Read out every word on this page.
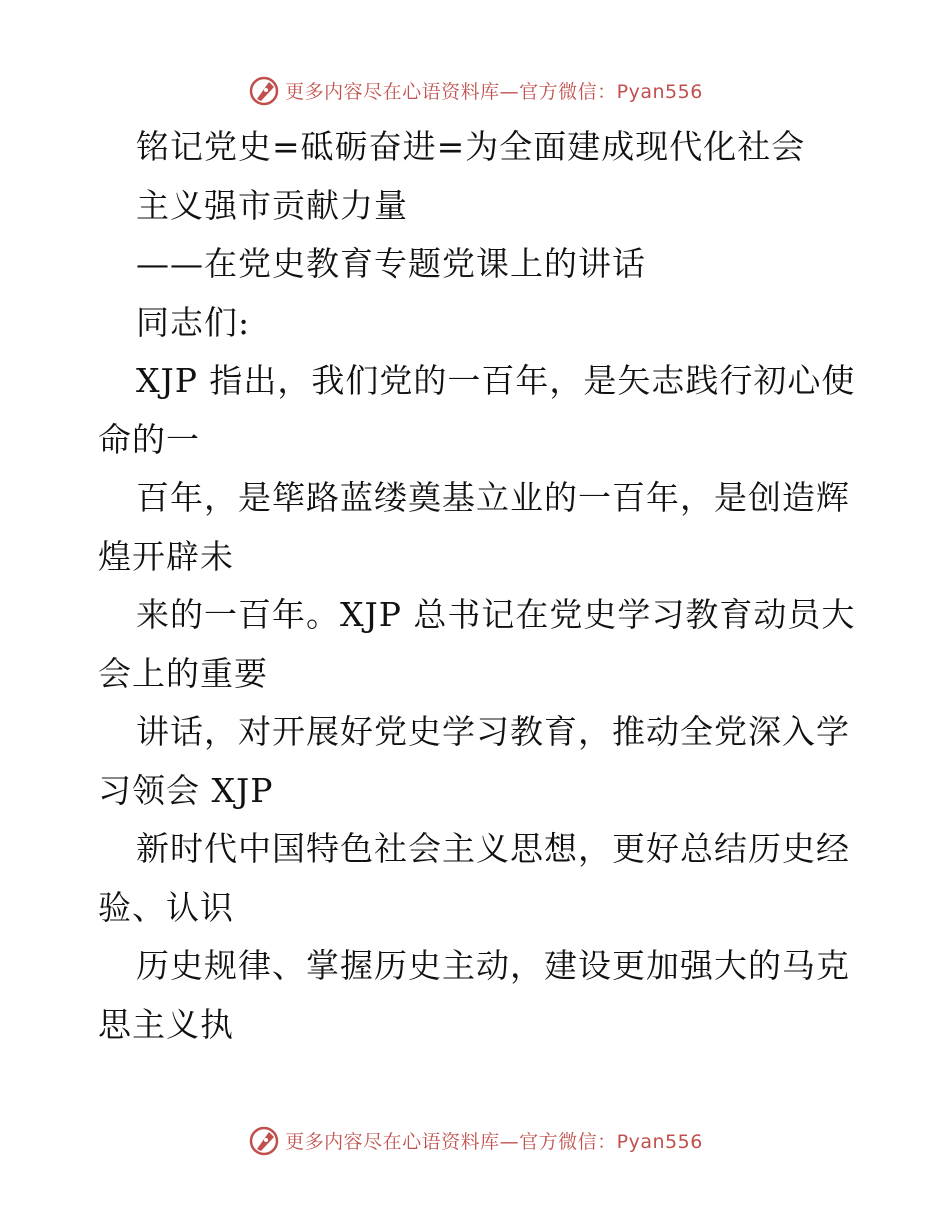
更多内容尽在心语资料库—官方微信：Pyan556
铭记党史=砥砺奋进=为全面建成现代化社会
主义强市贡献力量
——在党史教育专题党课上的讲话
同志们:
XJP 指出，我们党的一百年，是矢志践行初心使
命的一
百年，是筚路蓝缕奠基立业的一百年，是创造辉
煌开辟未
来的一百年。XJP 总书记在党史学习教育动员大
会上的重要
讲话，对开展好党史学习教育，推动全党深入学
习领会 XJP
新时代中国特色社会主义思想，更好总结历史经
验、认识
历史规律、掌握历史主动，建设更加强大的马克
思主义执
更多内容尽在心语资料库—官方微信：Pyan556
